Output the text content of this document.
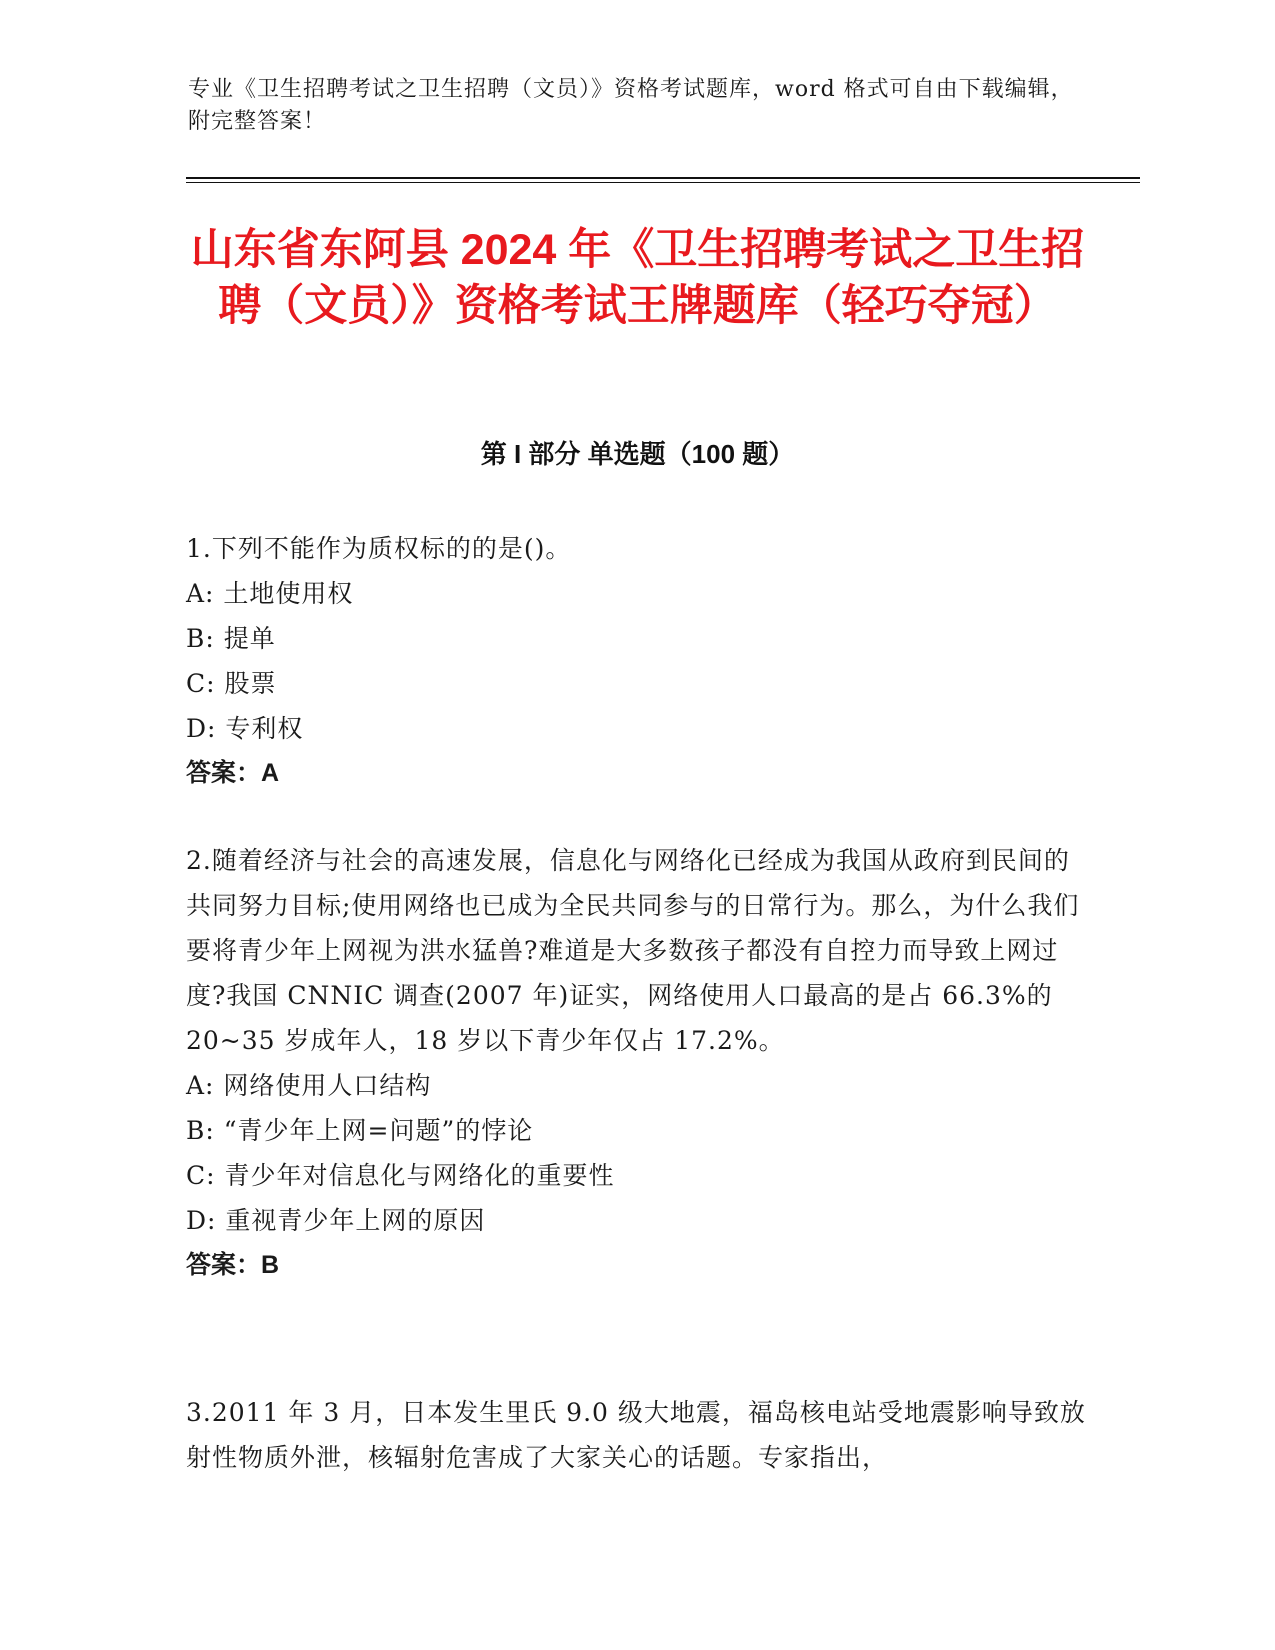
专业《卫生招聘考试之卫生招聘（文员）》资格考试题库，word 格式可自由下载编辑，附完整答案！
山东省东阿县 2024 年《卫生招聘考试之卫生招聘（文员）》资格考试王牌题库（轻巧夺冠）
第 I 部分 单选题（100 题）

1.下列不能作为质权标的的是()。

A: 土地使用权

B: 提单

C: 股票

D: 专利权

答案：A

2.随着经济与社会的高速发展，信息化与网络化已经成为我国从政府到民间的共同努力目标;使用网络也已成为全民共同参与的日常行为。那么，为什么我们要将青少年上网视为洪水猛兽?难道是大多数孩子都没有自控力而导致上网过度?我国 CNNIC 调查(2007 年)证实，网络使用人口最高的是占 66.3%的 20~35 岁成年人，18 岁以下青少年仅占 17.2%。

A: 网络使用人口结构

B: “青少年上网=问题”的悖论

C: 青少年对信息化与网络化的重要性

D: 重视青少年上网的原因

答案：B

3.2011 年 3 月，日本发生里氏 9.0 级大地震，福岛核电站受地震影响导致放射性物质外泄，核辐射危害成了大家关心的话题。专家指出，
